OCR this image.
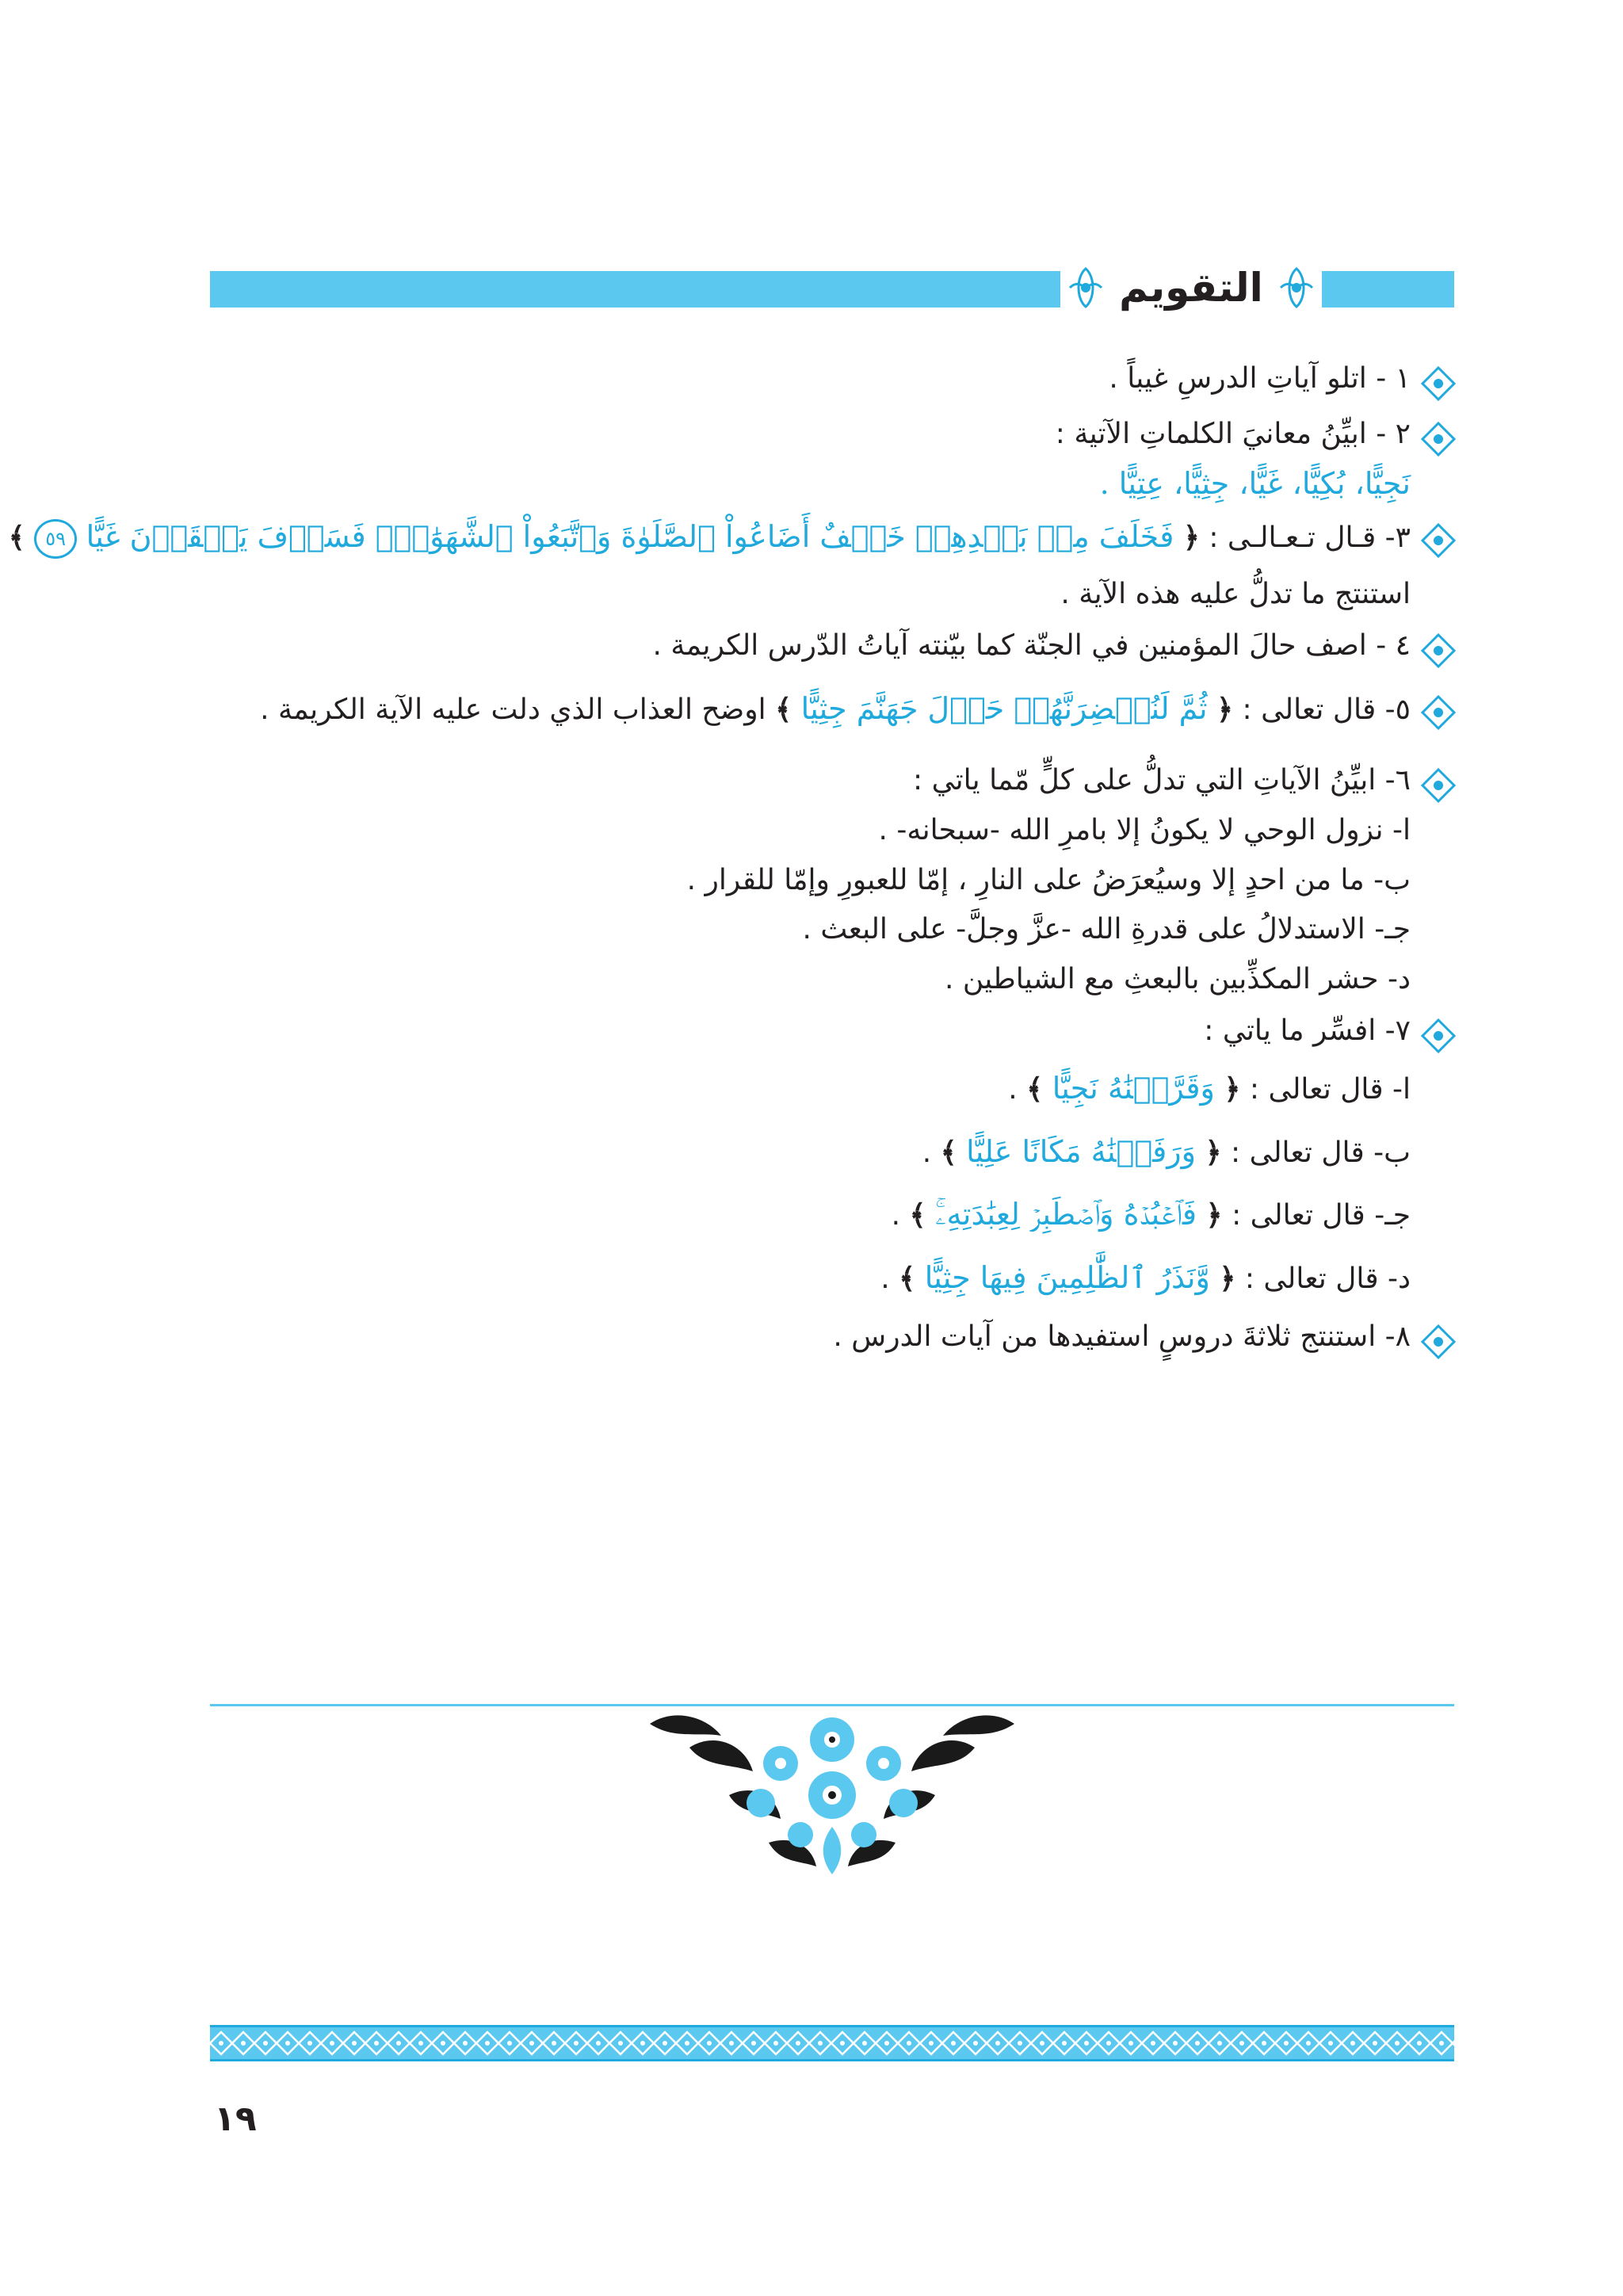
التقويم
١ - اتلو آياتِ الدرسِ غيباً .
٢ - ابيِّنُ معانيَ الكلماتِ الآتية :
نَجِيًّا، بُكِيًّا، غَيًّا، جِثِيًّا، عِتِيًّا .
٣- قـال تـعـالـى : ﴿ فَخَلَفَ مِنۢ بَعۡدِهِمۡ خَلۡفٌ أَضَاعُواْ ٱلصَّلَوٰةَ وَٱتَّبَعُواْ ٱلشَّهَوَٰتِۖ فَسَوۡفَ يَلۡقَوۡنَ غَيًّا ٥٩ ﴾
استنتج ما تدلُّ عليه هذه الآية .
٤ - اصف حالَ المؤمنين في الجنّة كما بيّنته آياتُ الدّرس الكريمة .
٥- قال تعالى : ﴿ ثُمَّ لَنُحۡضِرَنَّهُمۡ حَوۡلَ جَهَنَّمَ جِثِيًّا ﴾ اوضح العذاب الذي دلت عليه الآية الكريمة .
٦- ابيِّنُ الآياتِ التي تدلُّ على كلٍّ مّما ياتي :
ا- نزول الوحي لا يكونُ إلا بامرِ الله -سبحانه- .
ب- ما من احدٍ إلا وسيُعرَضُ على النارِ ، إمّا للعبورِ وإمّا للقرار .
جـ- الاستدلالُ على قدرةِ الله -عزَّ وجلَّ- على البعث .
د- حشر المكذِّبين بالبعثِ مع الشياطين .
٧- افسِّر ما ياتي :
ا- قال تعالى : ﴿ وَقَرَّبۡنَٰهُ نَجِيًّا ﴾ .
ب- قال تعالى : ﴿ وَرَفَعۡنَٰهُ مَكَانًا عَلِيًّا ﴾ .
جـ- قال تعالى : ﴿ فَٱعۡبُدۡهُ وَٱصۡطَبِرۡ لِعِبَٰدَتِهِۦۚ ﴾ .
د- قال تعالى : ﴿ وَّنَذَرُ ٱلظَّٰلِمِينَ فِيهَا جِثِيًّا ﴾ .
٨- استنتج ثلاثةَ دروسٍ استفيدها من آيات الدرس .
١٩
